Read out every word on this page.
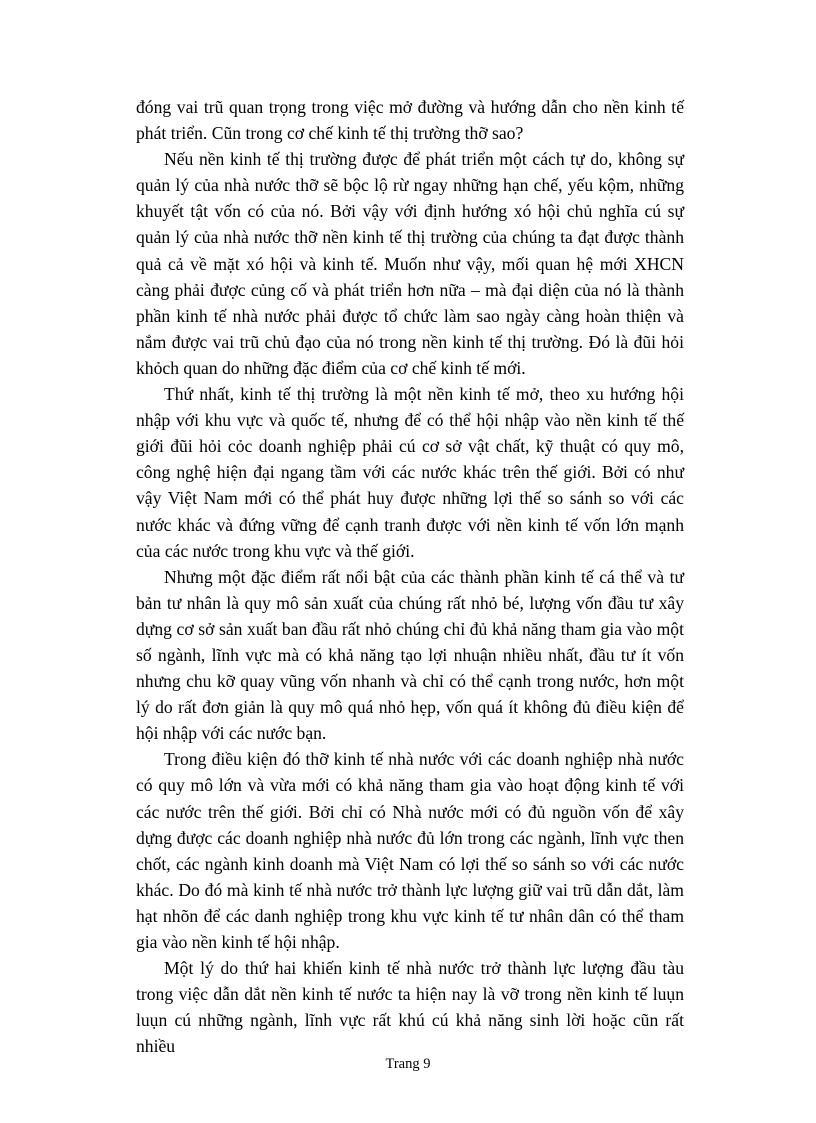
đóng vai trũ quan trọng trong việc mở đường và hướng dẫn cho nền kinh tế phát triển. Cũn trong cơ chế kinh tế thị trường thỡ sao?

Nếu nền kinh tế thị trường được để phát triển một cách tự do, không sự quản lý của nhà nước thỡ sẽ bộc lộ rừ ngay những hạn chế, yếu kộm, những khuyết tật vốn có của nó. Bởi vậy với định hướng xó hội chủ nghĩa cú sự quản lý của nhà nước thỡ nền kinh tế thị trường của chúng ta đạt được thành quả cả về mặt xó hội và kinh tế. Muốn như vậy, mối quan hệ mới XHCN càng phải được củng cố và phát triển hơn nữa – mà đại diện của nó là thành phần kinh tế nhà nước phải được tổ chức làm sao ngày càng hoàn thiện và nắm được vai trũ chủ đạo của nó trong nền kinh tế thị trường. Đó là đũi hỏi khỏch quan do những đặc điểm của cơ chế kinh tế mới.

Thứ nhất, kinh tế thị trường là một nền kinh tế mở, theo xu hướng hội nhập với khu vực và quốc tế, nhưng để có thể hội nhập vào nền kinh tế thế giới đũi hỏi cỏc doanh nghiệp phải cú cơ sở vật chất, kỹ thuật có quy mô, công nghệ hiện đại ngang tầm với các nước khác trên thế giới. Bởi có như vậy Việt Nam mới có thể phát huy được những lợi thế so sánh so với các nước khác và đứng vững để cạnh tranh được với nền kinh tế vốn lớn mạnh của các nước trong khu vực và thế giới.

Nhưng một đặc điểm rất nổi bật của các thành phần kinh tế cá thể và tư bản tư nhân là quy mô sản xuất của chúng rất nhỏ bé, lượng vốn đầu tư xây dựng cơ sở sản xuất ban đầu rất nhỏ chúng chỉ đủ khả năng tham gia vào một số ngành, lĩnh vực mà có khả năng tạo lợi nhuận nhiều nhất, đầu tư ít vốn nhưng chu kỡ quay vũng vốn nhanh và chỉ có thể cạnh trong nước, hơn một lý do rất đơn giản là quy mô quá nhỏ hẹp, vốn quá ít không đủ điều kiện để hội nhập với các nước bạn.

Trong điều kiện đó thỡ kinh tế nhà nước với các doanh nghiệp nhà nước có quy mô lớn và vừa mới có khả năng tham gia vào hoạt động kinh tế với các nước trên thế giới. Bởi chỉ có Nhà nước mới có đủ nguồn vốn để xây dựng được các doanh nghiệp nhà nước đủ lớn trong các ngành, lĩnh vực then chốt, các ngành kinh doanh mà Việt Nam có lợi thế so sánh so với các nước khác. Do đó mà kinh tế nhà nước trở thành lực lượng giữ vai trũ dẫn dắt, làm hạt nhõn để các danh nghiệp trong khu vực kinh tế tư nhân dân có thể tham gia vào nền kinh tế hội nhập.

Một lý do thứ hai khiến kinh tế nhà nước trở thành lực lượng đầu tàu trong việc dẫn dắt nền kinh tế nước ta hiện nay là vỡ trong nền kinh tế luụn luụn cú những ngành, lĩnh vực rất khú cú khả năng sinh lời hoặc cũn rất nhiều

Trang 9
